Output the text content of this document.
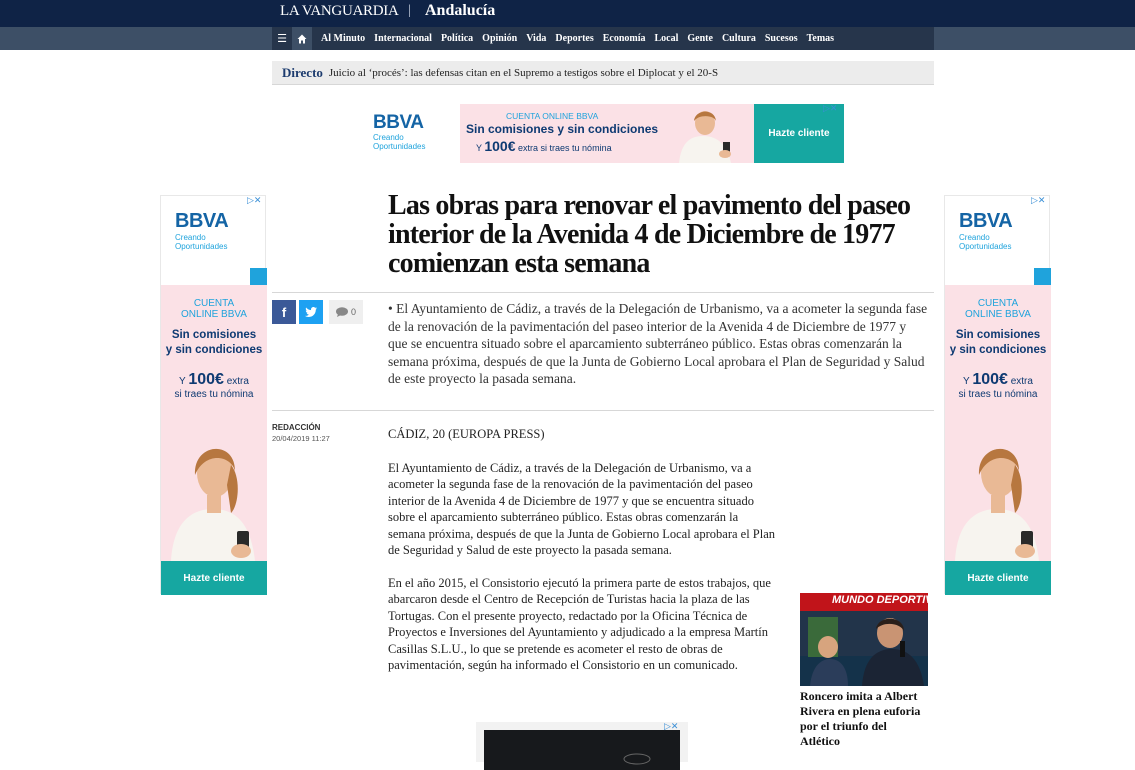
LA VANGUARDIA | Andalucía
☰	Al Minuto Internacional Política Opinión Vida Deportes Economía Local Gente Cultura Sucesos Temas
Directo Juicio al ‘procés’: las defensas citan en el Supremo a testigos sobre el Diplocat y el 20-S
BBVA
Creando
Oportunidades
CUENTA ONLINE BBVA
Sin comisiones y sin condiciones
Y 100€ extra si traes tu nómina
Hazte cliente
▷✕
BBVA
Creando
Oportunidades
CUENTA
ONLINE BBVA
Sin comisiones
y sin condiciones
Y 100€ extra
si traes tu nómina
Hazte cliente
▷✕
BBVA
Creando
Oportunidades
CUENTA
ONLINE BBVA
Sin comisiones
y sin condiciones
Y 100€ extra
si traes tu nómina
Hazte cliente
▷✕
Las obras para renovar el pavimento del paseo interior de la Avenida 4 de Diciembre de 1977 comienzan esta semana
f	0 • El Ayuntamiento de Cádiz, a través de la Delegación de Urbanismo, va a acometer la segunda fase de la renovación de la pavimentación del paseo interior de la Avenida 4 de Diciembre de 1977 y que se encuentra situado sobre el aparcamiento subterráneo público. Estas obras comenzarán la semana próxima, después de que la Junta de Gobierno Local aprobara el Plan de Seguridad y Salud de este proyecto la pasada semana.
REDACCIÓN
20/04/2019 11:27	CÁDIZ, 20 (EUROPA PRESS)

El Ayuntamiento de Cádiz, a través de la Delegación de Urbanismo, va a acometer la segunda fase de la renovación de la pavimentación del paseo interior de la Avenida 4 de Diciembre de 1977 y que se encuentra situado sobre el aparcamiento subterráneo público. Estas obras comenzarán la semana próxima, después de que la Junta de Gobierno Local aprobara el Plan de Seguridad y Salud de este proyecto la pasada semana.

En el año 2015, el Consistorio ejecutó la primera parte de estos trabajos, que abarcaron desde el Centro de Recepción de Turistas hacia la plaza de las Tortugas. Con el presente proyecto, redactado por la Oficina Técnica de Proyectos e Inversiones del Ayuntamiento y adjudicado a la empresa Martín Casillas S.L.U., lo que se pretende es acometer el resto de obras de pavimentación, según ha informado el Consistorio en un comunicado.

MUNDO DEPORTIVO
Roncero imita a Albert Rivera en plena euforia por el triunfo del Atlético
▷✕
